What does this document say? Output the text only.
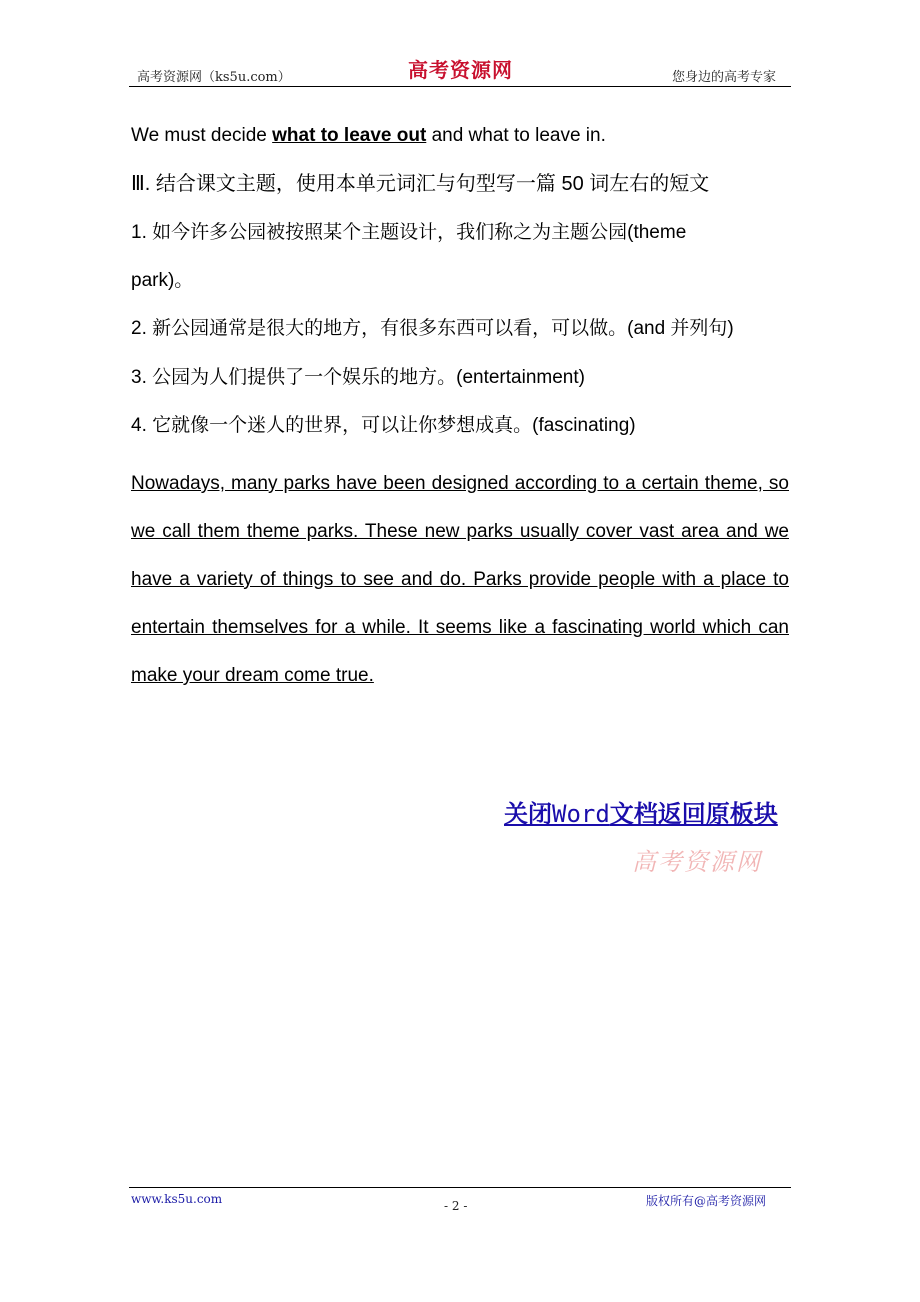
高考资源网（ks5u.com）	高考资源网	您身边的高考专家
We must decide what to leave out and what to leave in.
Ⅲ. 结合课文主题，使用本单元词汇与句型写一篇 50 词左右的短文
1. 如今许多公园被按照某个主题设计，我们称之为主题公园(theme
park)。
2. 新公园通常是很大的地方，有很多东西可以看，可以做。(and 并列句)
3. 公园为人们提供了一个娱乐的地方。(entertainment)
4. 它就像一个迷人的世界，可以让你梦想成真。(fascinating)
Nowadays, many parks have been designed according to a certain theme, so we call them theme parks. These new parks usually cover vast area and we have a variety of things to see and do. Parks provide people with a place to entertain themselves for a while. It seems like a fascinating world which can make your dream come true.
关闭Word文档返回原板块
高考资源网
www.ks5u.com	- 2 -	版权所有@高考资源网
